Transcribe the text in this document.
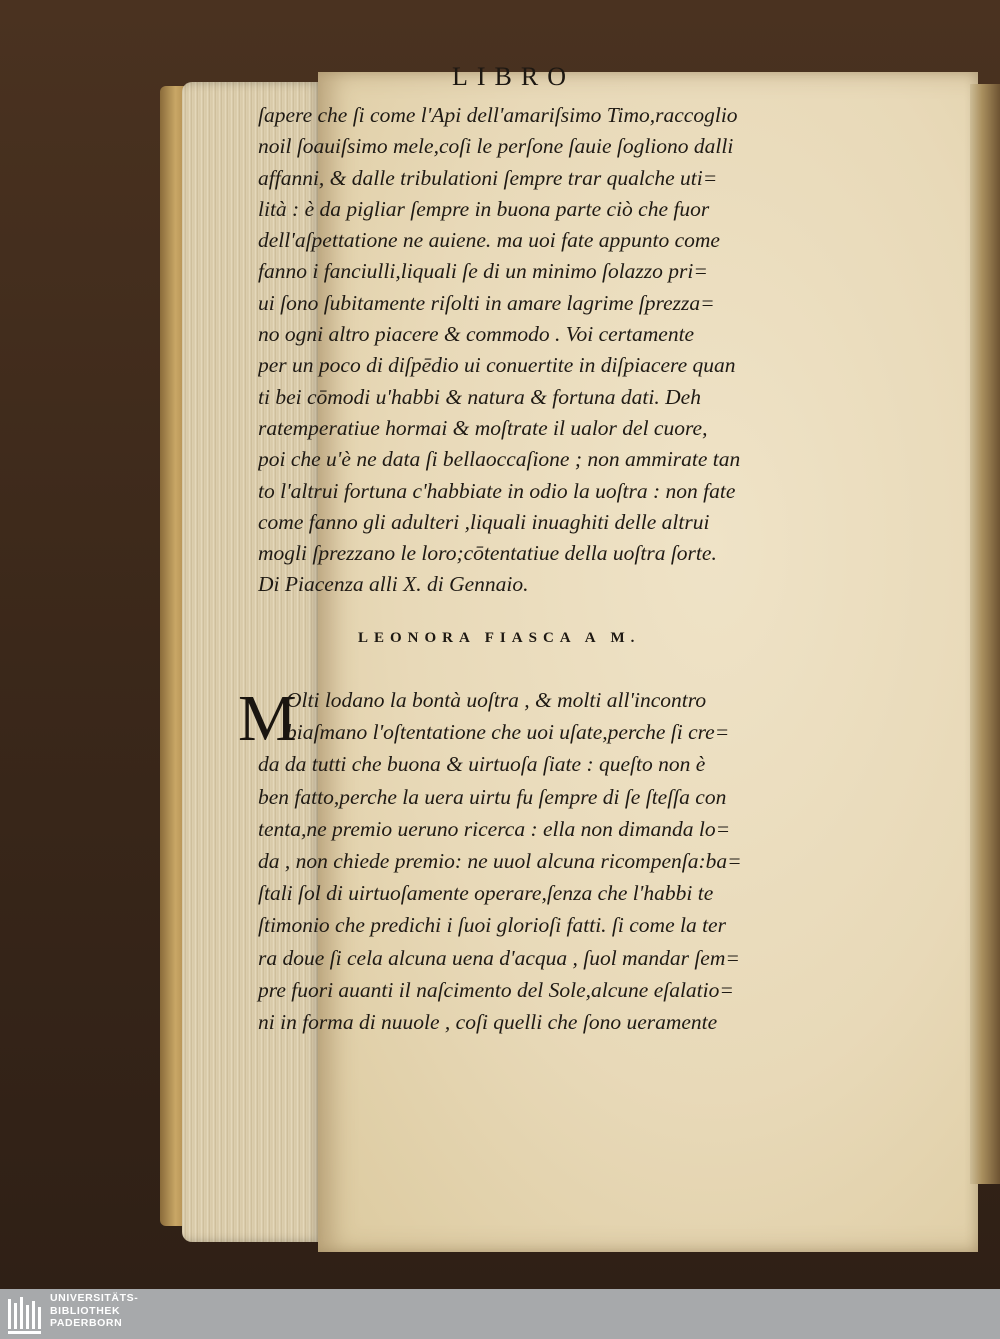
LIBRO
ſapere che ſi come l'Api dell'amariſsimo Timo,raccoglio
noil ſoauiſsimo mele,coſi le perſone ſauie ſogliono dalli
affanni, & dalle tribulationi ſempre trar qualche uti=
lità : è da pigliar ſempre in buona parte ciò che fuor
dell'aſpettatione ne auiene. ma uoi fate appunto come
fanno i fanciulli,liquali ſe di un minimo ſolazzo pri=
ui ſono ſubitamente riſolti in amare lagrime ſprezza=
no ogni altro piacere & commodo . Voi certamente
per un poco di diſpēdio ui conuertite in diſpiacere quan
ti bei cōmodi u'habbi & natura & fortuna dati. Deh
ratemperatiue hormai & moſtrate il ualor del cuore,
poi che u'è ne data ſi bellaoccaſione ; non ammirate tan
to l'altrui fortuna c'habbiate in odio la uoſtra : non fate
come fanno gli adulteri ,liquali inuaghiti delle altrui
mogli ſprezzano le loro;cōtentatiue della uoſtra ſorte.
Di Piacenza alli X. di Gennaio.
LEONORA FIASCA A M.
M
Olti lodano la bontà uoſtra , & molti all'incontro
biaſmano l'oſtentatione che uoi uſate,perche ſi cre=
da da tutti che buona & uirtuoſa ſiate : queſto non è
ben fatto,perche la uera uirtu fu ſempre di ſe ſteſſa con
tenta,ne premio ueruno ricerca : ella non dimanda lo=
da , non chiede premio: ne uuol alcuna ricompenſa:ba=
ſtali ſol di uirtuoſamente operare,ſenza che l'habbi te
ſtimonio che predichi i ſuoi glorioſi fatti. ſi come la ter
ra doue ſi cela alcuna uena d'acqua , ſuol mandar ſem=
pre fuori auanti il naſcimento del Sole,alcune eſalatio=
ni in forma di nuuole , coſi quelli che ſono ueramente
UNIVERSITÄTS-
BIBLIOTHEK
PADERBORN
